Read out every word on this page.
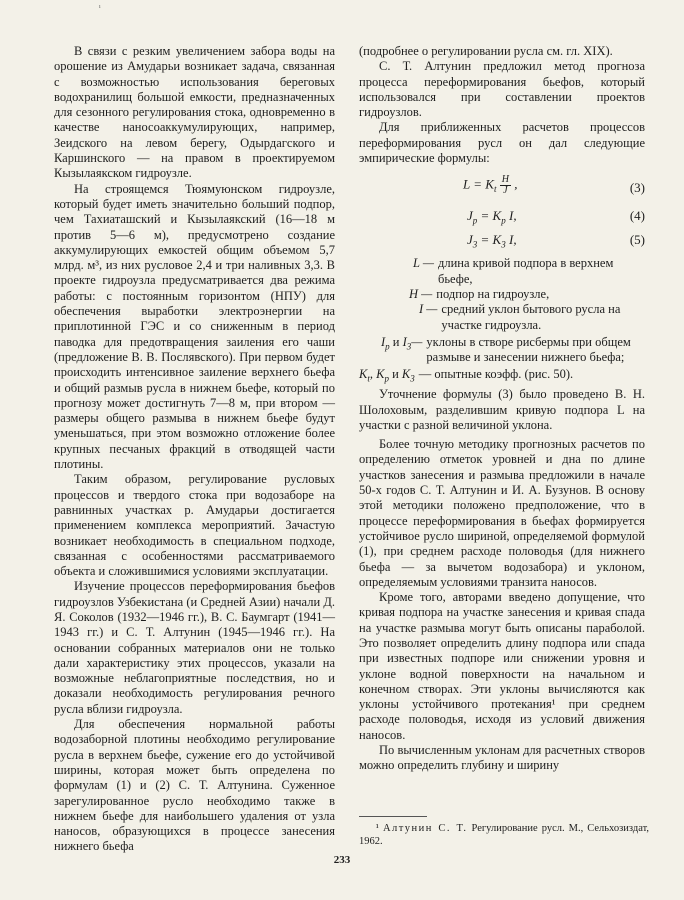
ı

В связи с резким увеличением забора воды на орошение из Амударьи возникает задача, связанная с возможностью использования береговых водохранилищ большой емкости, предназначенных для сезонного регулирования стока, одновременно в качестве наносоаккумулирующих, например, Зеидского на левом берегу, Одырдагского и Каршинского — на правом в проектируемом Кызылаякском гидроузле.

На строящемся Тюямуюнском гидроузле, который будет иметь значительно больший подпор, чем Тахиаташский и Кызылаякский (16—18 м против 5—6 м), предусмотрено создание аккумулирующих емкостей общим объемом 5,7 млрд. м³, из них русловое 2,4 и три наливных 3,3. В проекте гидроузла предусматривается два режима работы: с постоянным горизонтом (НПУ) для обеспечения выработки электроэнергии на приплотинной ГЭС и со сниженным в период паводка для предотвращения заиления его чаши (предложение В. В. Послявского). При первом будет происходить интенсивное заиление верхнего бьефа и общий размыв русла в нижнем бьефе, который по прогнозу может достигнуть 7—8 м, при втором — размеры общего размыва в нижнем бьефе будут уменьшаться, при этом возможно отложение более крупных песчаных фракций в отводящей части плотины.

Таким образом, регулирование русловых процессов и твердого стока при водозаборе на равнинных участках р. Амударьи достигается применением комплекса мероприятий. Зачастую возникает необходимость в специальном подходе, связанная с особенностями рассматриваемого объекта и сложившимися условиями эксплуатации.

Изучение процессов переформирования бьефов гидроузлов Узбекистана (и Средней Азии) начали Д. Я. Соколов (1932—1946 гг.), В. С. Баумгарт (1941—1943 гг.) и С. Т. Алтунин (1945—1946 гг.). На основании собранных материалов они не только дали характеристику этих процессов, указали на возможные неблагоприятные последствия, но и доказали необходимость регулирования речного русла вблизи гидроузла.

Для обеспечения нормальной работы водозаборной плотины необходимо регулирование русла в верхнем бьефе, сужение его до устойчивой ширины, которая может быть определена по формулам (1) и (2) С. Т. Алтунина. Суженное зарегулированное русло необходимо также в нижнем бьефе для наибольшего удаления от узла наносов, образующихся в процессе занесения нижнего бьефа

(подробнее о регулировании русла см. гл. XIX).

С. Т. Алтунин предложил метод прогноза процесса переформирования бьефов, который использовался при составлении проектов гидроузлов.

Для приближенных расчетов процессов переформирования русл он дал следующие эмпирические формулы:

$L = K_t \frac{H}{J}$ ,	(3)
$J_p = K_p$ I,	(4)
$J_3 = K_3$ I,	(5)
L — длина кривой подпора в верхнем бьефе,
H — подпор на гидроузле,
I — средний уклон бытового русла на участке гидроузла.
$I_p$ и $I_3—$ уклоны в створе рисбермы при общем размыве и занесении нижнего бьефа;
$K_t$, $K_p$ и $K_3$ — опытные коэфф. (рис. 50).

Уточнение формулы (3) было проведено В. Н. Шолоховым, разделившим кривую подпора L на участки с разной величиной уклона.

Более точную методику прогнозных расчетов по определению отметок уровней и дна по длине участков занесения и размыва предложили в начале 50-х годов С. Т. Алтунин и И. А. Бузунов. В основу этой методики положено предположение, что в процессе переформирования в бьефах формируется устойчивое русло шириной, определяемой формулой (1), при среднем расходе половодья (для нижнего бьефа — за вычетом водозабора) и уклоном, определяемым условиями транзита наносов.

Кроме того, авторами введено допущение, что кривая подпора на участке занесения и кривая спада на участке размыва могут быть описаны параболой. Это позволяет определить длину подпора или спада при известных подпоре или снижении уровня и уклоне водной поверхности на начальном и конечном створах. Эти уклоны вычисляются как уклоны устойчивого протекания¹ при среднем расходе половодья, исходя из условий движения наносов.

По вычисленным уклонам для расчетных створов можно определить глубину и ширину

¹ Алтунин С. Т. Регулирование русл. М., Сельхозиздат, 1962.
233
